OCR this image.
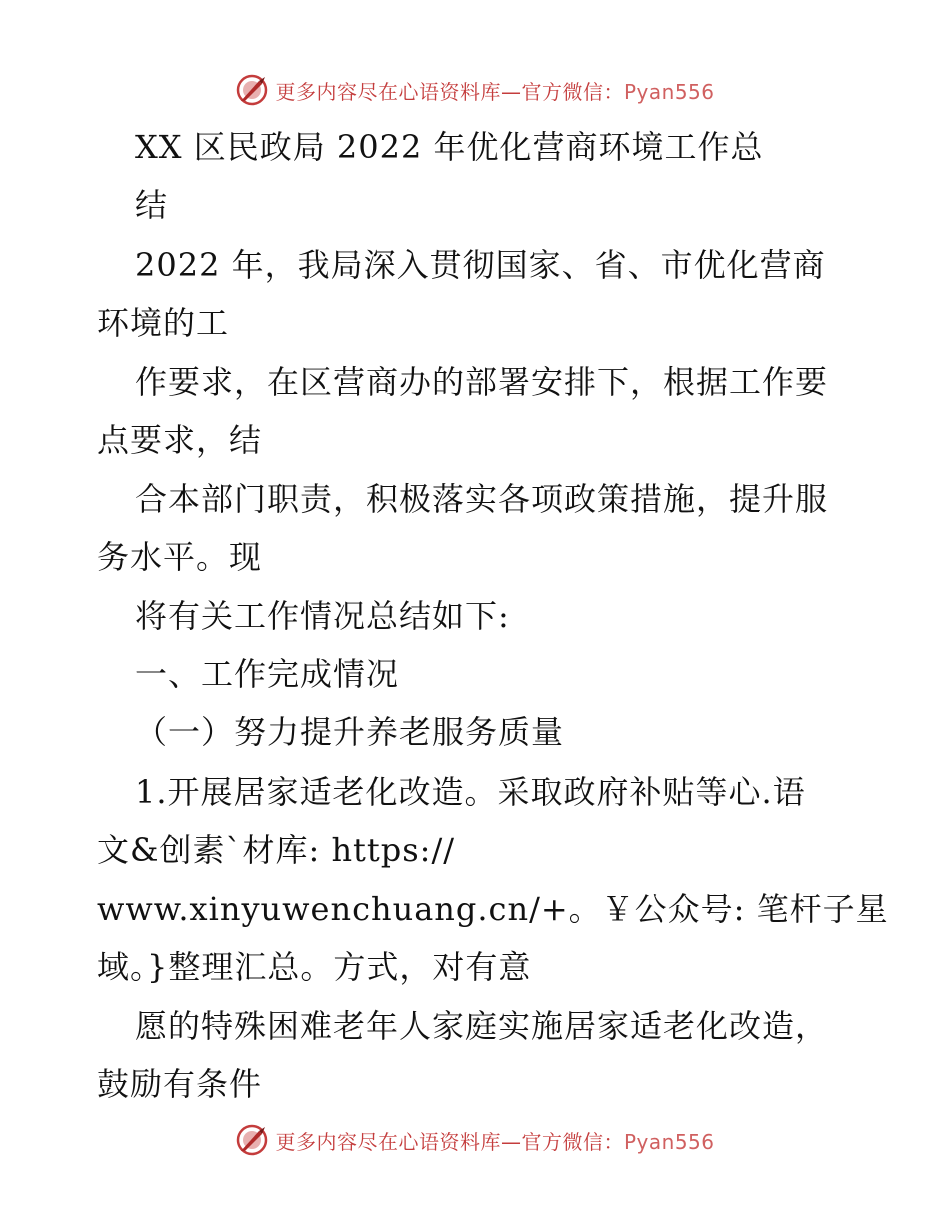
更多内容尽在心语资料库—官方微信：Pyan556
XX 区民政局 2022 年优化营商环境工作总
结
2022 年，我局深入贯彻国家、省、市优化营商
环境的工
作要求，在区营商办的部署安排下，根据工作要
点要求，结
合本部门职责，积极落实各项政策措施，提升服
务水平。现
将有关工作情况总结如下:
一、工作完成情况
（一）努力提升养老服务质量
1.开展居家适老化改造。采取政府补贴等心.语
文&创素`材库: https://
www.xinyuwenchuang.cn/+。￥公众号: 笔杆子星
域。}整理汇总。方式，对有意
愿的特殊困难老年人家庭实施居家适老化改造，
鼓励有条件
更多内容尽在心语资料库—官方微信：Pyan556
